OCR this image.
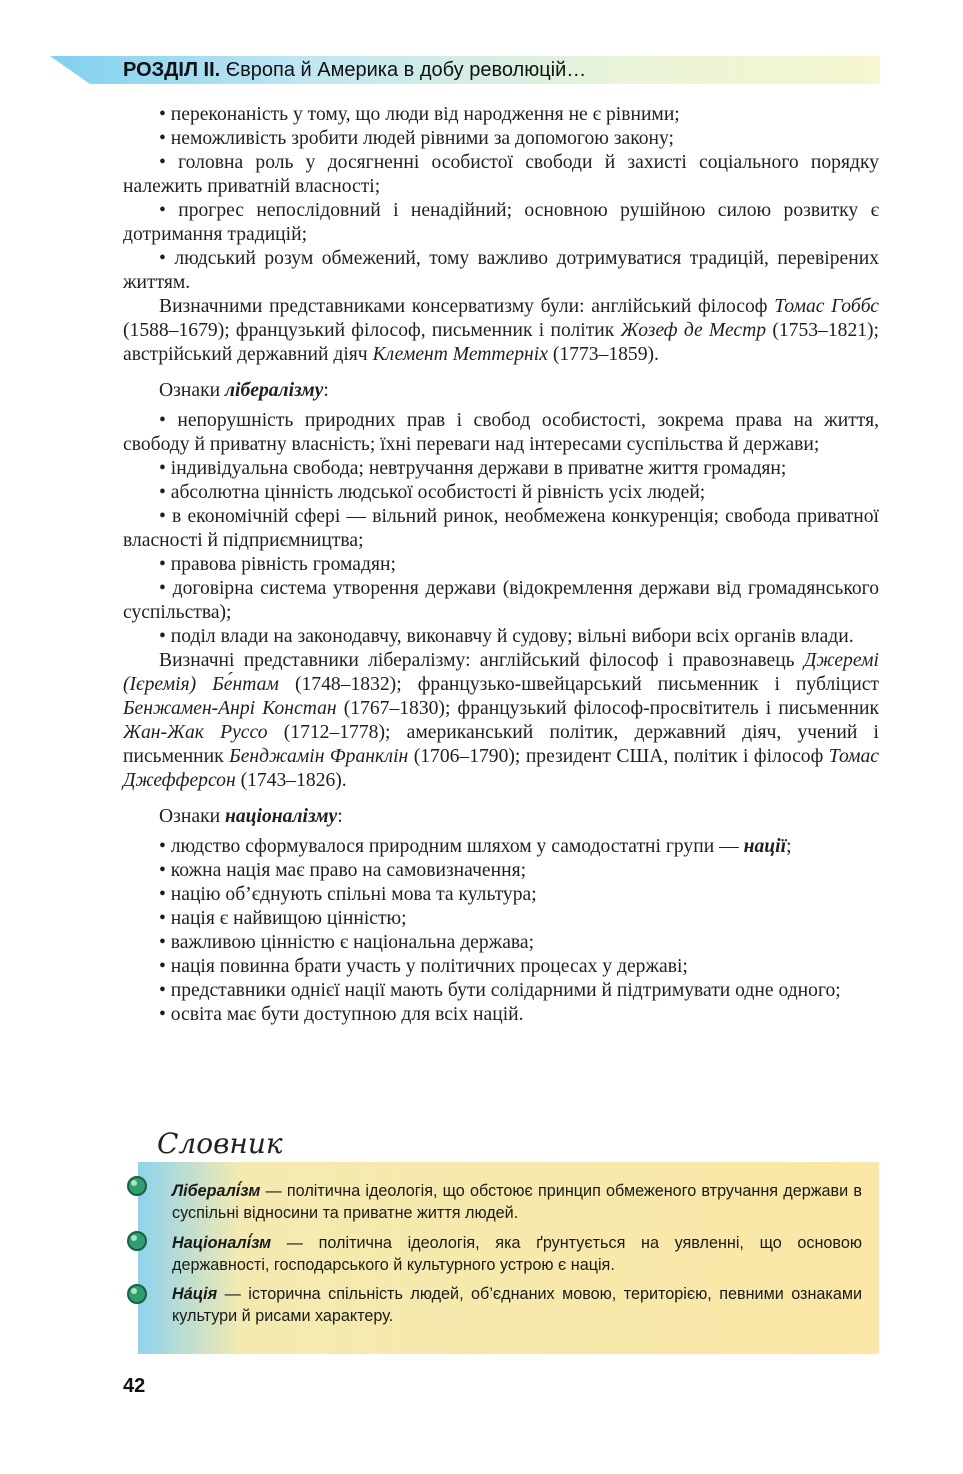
РОЗДІЛ ІІ. Європа й Америка в добу революцій…

• переконаність у тому, що люди від народження не є рівними;

• неможливість зробити людей рівними за допомогою закону;

• головна роль у досягненні особистої свободи й захисті соціального порядку належить приватній власності;

• прогрес непослідовний і ненадійний; основною рушійною силою розвитку є дотримання традицій;

• людський розум обмежений, тому важливо дотримуватися традицій, перевірених життям.

Визначними представниками консерватизму були: англійський філософ Томас Гоббс (1588–1679); французький філософ, письменник і політик Жозеф де Местр (1753–1821); австрійський державний діяч Клемент Меттерніх (1773–1859).

Ознаки лібералізму:

• непорушність природних прав і свобод особистості, зокрема права на життя, свободу й приватну власність; їхні переваги над інтересами суспільства й держави;

• індивідуальна свобода; невтручання держави в приватне життя громадян;

• абсолютна цінність людської особистості й рівність усіх людей;

• в економічній сфері — вільний ринок, необмежена конкуренція; свобода приватної власності й підприємництва;

• правова рівність громадян;

• договірна система утворення держави (відокремлення держави від громадянського суспільства);

• поділ влади на законодавчу, виконавчу й судову; вільні вибори всіх органів влади.

Визначні представники лібералізму: англійський філософ і правознавець Джеремі (Ієремія) Бе́нтам (1748–1832); французько-швейцарський письменник і публіцист Бенжамен-Анрі Констан (1767–1830); французький філософ-просвітитель і письменник Жан-Жак Руссо (1712–1778); американський політик, державний діяч, учений і письменник Бенджамін Франклін (1706–1790); президент США, політик і філософ Томас Джефферсон (1743–1826).

Ознаки націоналізму:

• людство сформувалося природним шляхом у самодостатні групи — нації;

• кожна нація має право на самовизначення;

• націю об’єднують спільні мова та культура;

• нація є найвищою цінністю;

• важливою цінністю є національна держава;

• нація повинна брати участь у політичних процесах у державі;

• представники однієї нації мають бути солідарними й підтримувати одне одного;

• освіта має бути доступною для всіх націй.

Словник
Лібералі́зм — політична ідеологія, що обстоює принцип обмеженого втручання держави в суспільні відносини та приватне життя людей.
Націоналі́зм — політична ідеологія, яка ґрунтується на уявленні, що основою державності, господарського й культурного устрою є нація.
На́ція — історична спільність людей, об’єднаних мовою, територією, певними ознаками культури й рисами характеру.
42
